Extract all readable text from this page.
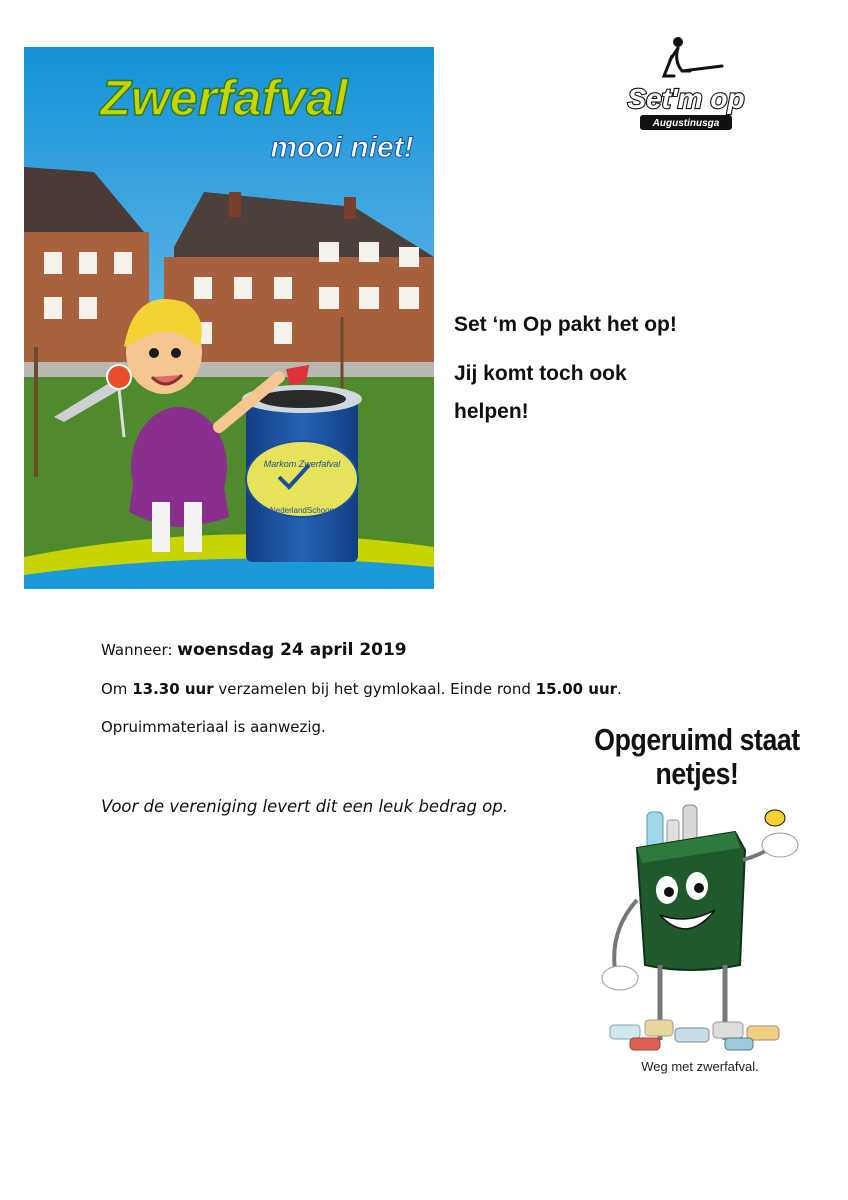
Markom Zwerfafval
NederlandSchoon
Zwerfafval
mooi niet!
Set'm op
Augustinusga
Set ‘m Op pakt het op!
Jij komt toch ook
helpen!
Wanneer: woensdag 24 april 2019
Om 13.30 uur verzamelen bij het gymlokaal. Einde rond 15.00 uur.
Opruimmateriaal is aanwezig.
Voor de vereniging levert dit een leuk bedrag op.
Opgeruimd staat
netjes!
Weg met zwerfafval.
